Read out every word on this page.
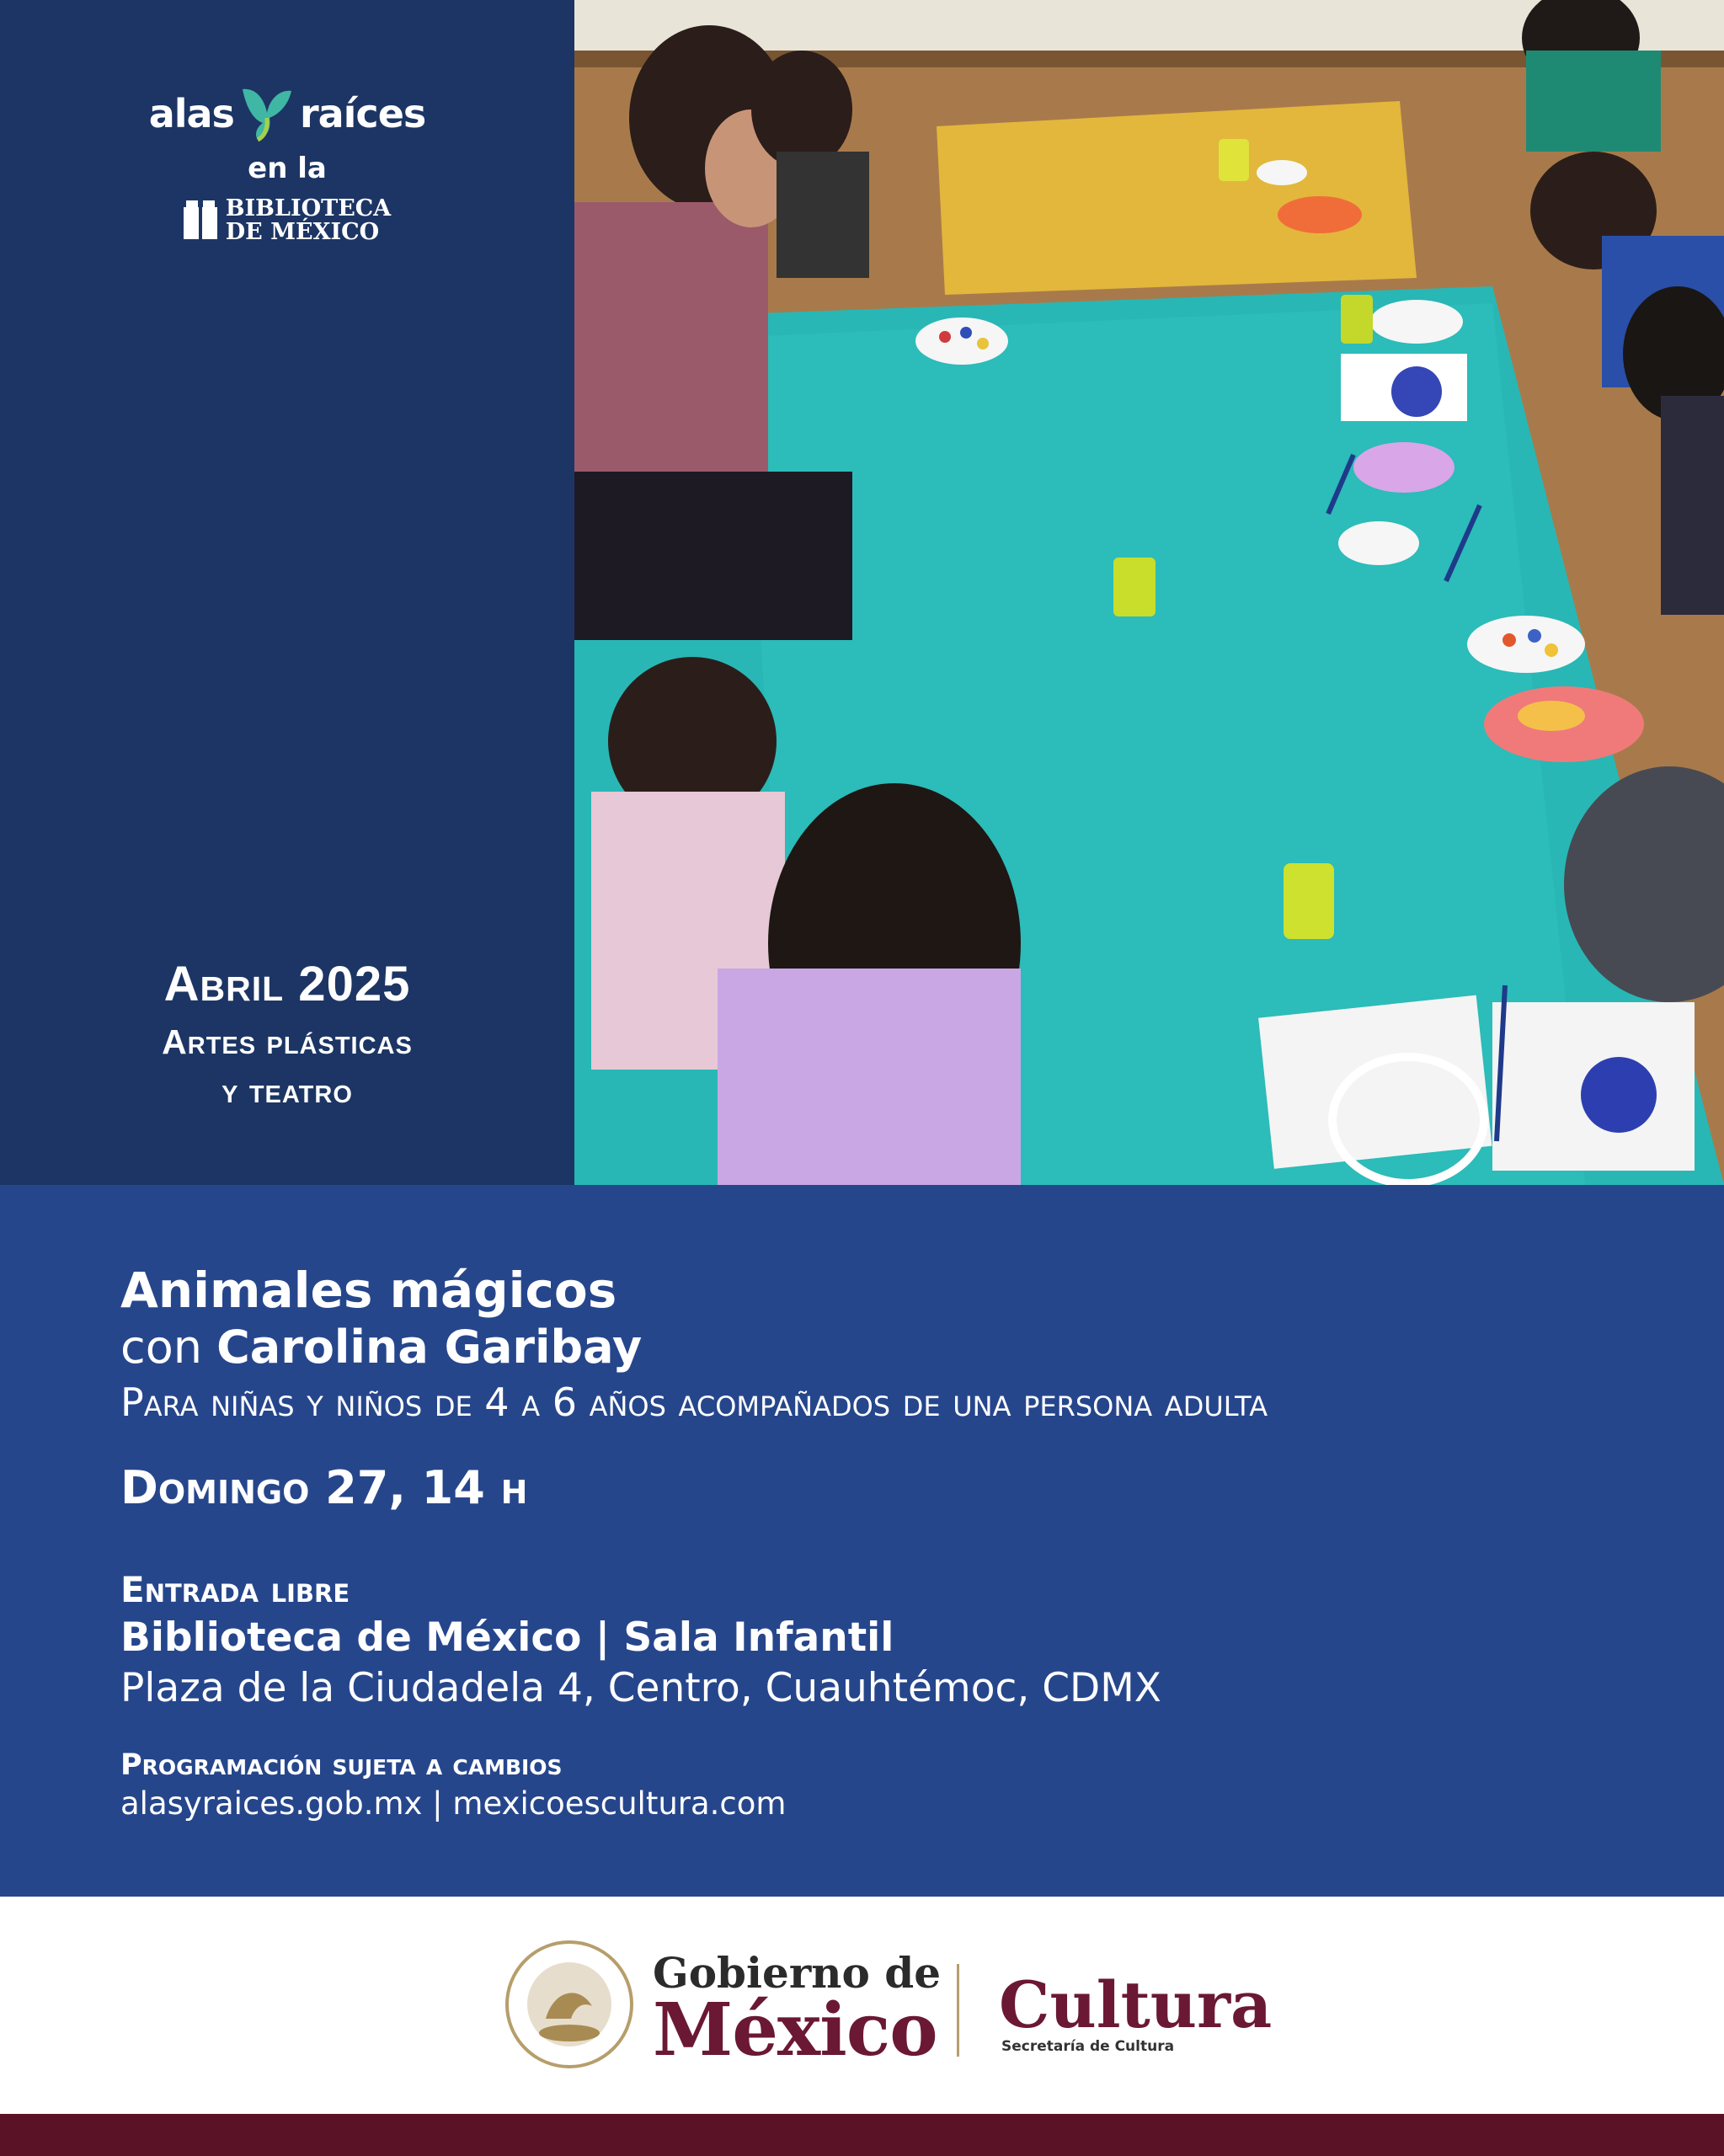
alas raíces
en la
BIBLIOTECA
DE MÉXICO
Abril 2025
Artes plásticas
y teatro
Animales mágicos
con Carolina Garibay
Para niñas y niños de 4 a 6 años acompañados de una persona adulta
Domingo 27, 14 h
Entrada libre
Biblioteca de México | Sala Infantil
Plaza de la Ciudadela 4, Centro, Cuauhtémoc, CDMX
Programación sujeta a cambios
alasyraices.gob.mx | mexicoescultura.com
Gobierno de
México Cultura
Secretaría de Cultura
